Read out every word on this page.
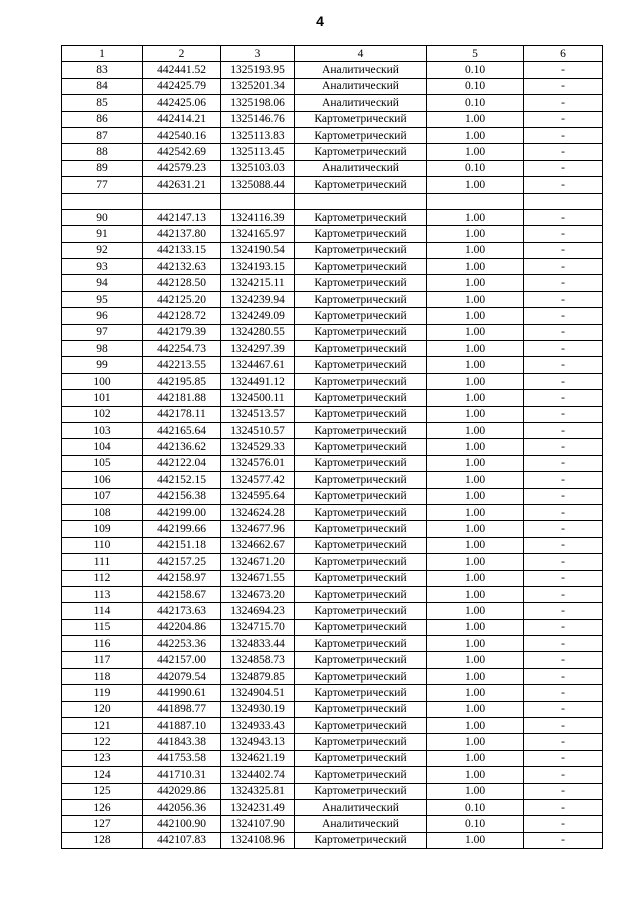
4
1	2	3	4	5	6
83	442441.52	1325193.95	Аналитический	0.10	-
84	442425.79	1325201.34	Аналитический	0.10	-
85	442425.06	1325198.06	Аналитический	0.10	-
86	442414.21	1325146.76	Картометрический	1.00	-
87	442540.16	1325113.83	Картометрический	1.00	-
88	442542.69	1325113.45	Картометрический	1.00	-
89	442579.23	1325103.03	Аналитический	0.10	-
77	442631.21	1325088.44	Картометрический	1.00	-

90	442147.13	1324116.39	Картометрический	1.00	-
91	442137.80	1324165.97	Картометрический	1.00	-
92	442133.15	1324190.54	Картометрический	1.00	-
93	442132.63	1324193.15	Картометрический	1.00	-
94	442128.50	1324215.11	Картометрический	1.00	-
95	442125.20	1324239.94	Картометрический	1.00	-
96	442128.72	1324249.09	Картометрический	1.00	-
97	442179.39	1324280.55	Картометрический	1.00	-
98	442254.73	1324297.39	Картометрический	1.00	-
99	442213.55	1324467.61	Картометрический	1.00	-
100	442195.85	1324491.12	Картометрический	1.00	-
101	442181.88	1324500.11	Картометрический	1.00	-
102	442178.11	1324513.57	Картометрический	1.00	-
103	442165.64	1324510.57	Картометрический	1.00	-
104	442136.62	1324529.33	Картометрический	1.00	-
105	442122.04	1324576.01	Картометрический	1.00	-
106	442152.15	1324577.42	Картометрический	1.00	-
107	442156.38	1324595.64	Картометрический	1.00	-
108	442199.00	1324624.28	Картометрический	1.00	-
109	442199.66	1324677.96	Картометрический	1.00	-
110	442151.18	1324662.67	Картометрический	1.00	-
111	442157.25	1324671.20	Картометрический	1.00	-
112	442158.97	1324671.55	Картометрический	1.00	-
113	442158.67	1324673.20	Картометрический	1.00	-
114	442173.63	1324694.23	Картометрический	1.00	-
115	442204.86	1324715.70	Картометрический	1.00	-
116	442253.36	1324833.44	Картометрический	1.00	-
117	442157.00	1324858.73	Картометрический	1.00	-
118	442079.54	1324879.85	Картометрический	1.00	-
119	441990.61	1324904.51	Картометрический	1.00	-
120	441898.77	1324930.19	Картометрический	1.00	-
121	441887.10	1324933.43	Картометрический	1.00	-
122	441843.38	1324943.13	Картометрический	1.00	-
123	441753.58	1324621.19	Картометрический	1.00	-
124	441710.31	1324402.74	Картометрический	1.00	-
125	442029.86	1324325.81	Картометрический	1.00	-
126	442056.36	1324231.49	Аналитический	0.10	-
127	442100.90	1324107.90	Аналитический	0.10	-
128	442107.83	1324108.96	Картометрический	1.00	-
